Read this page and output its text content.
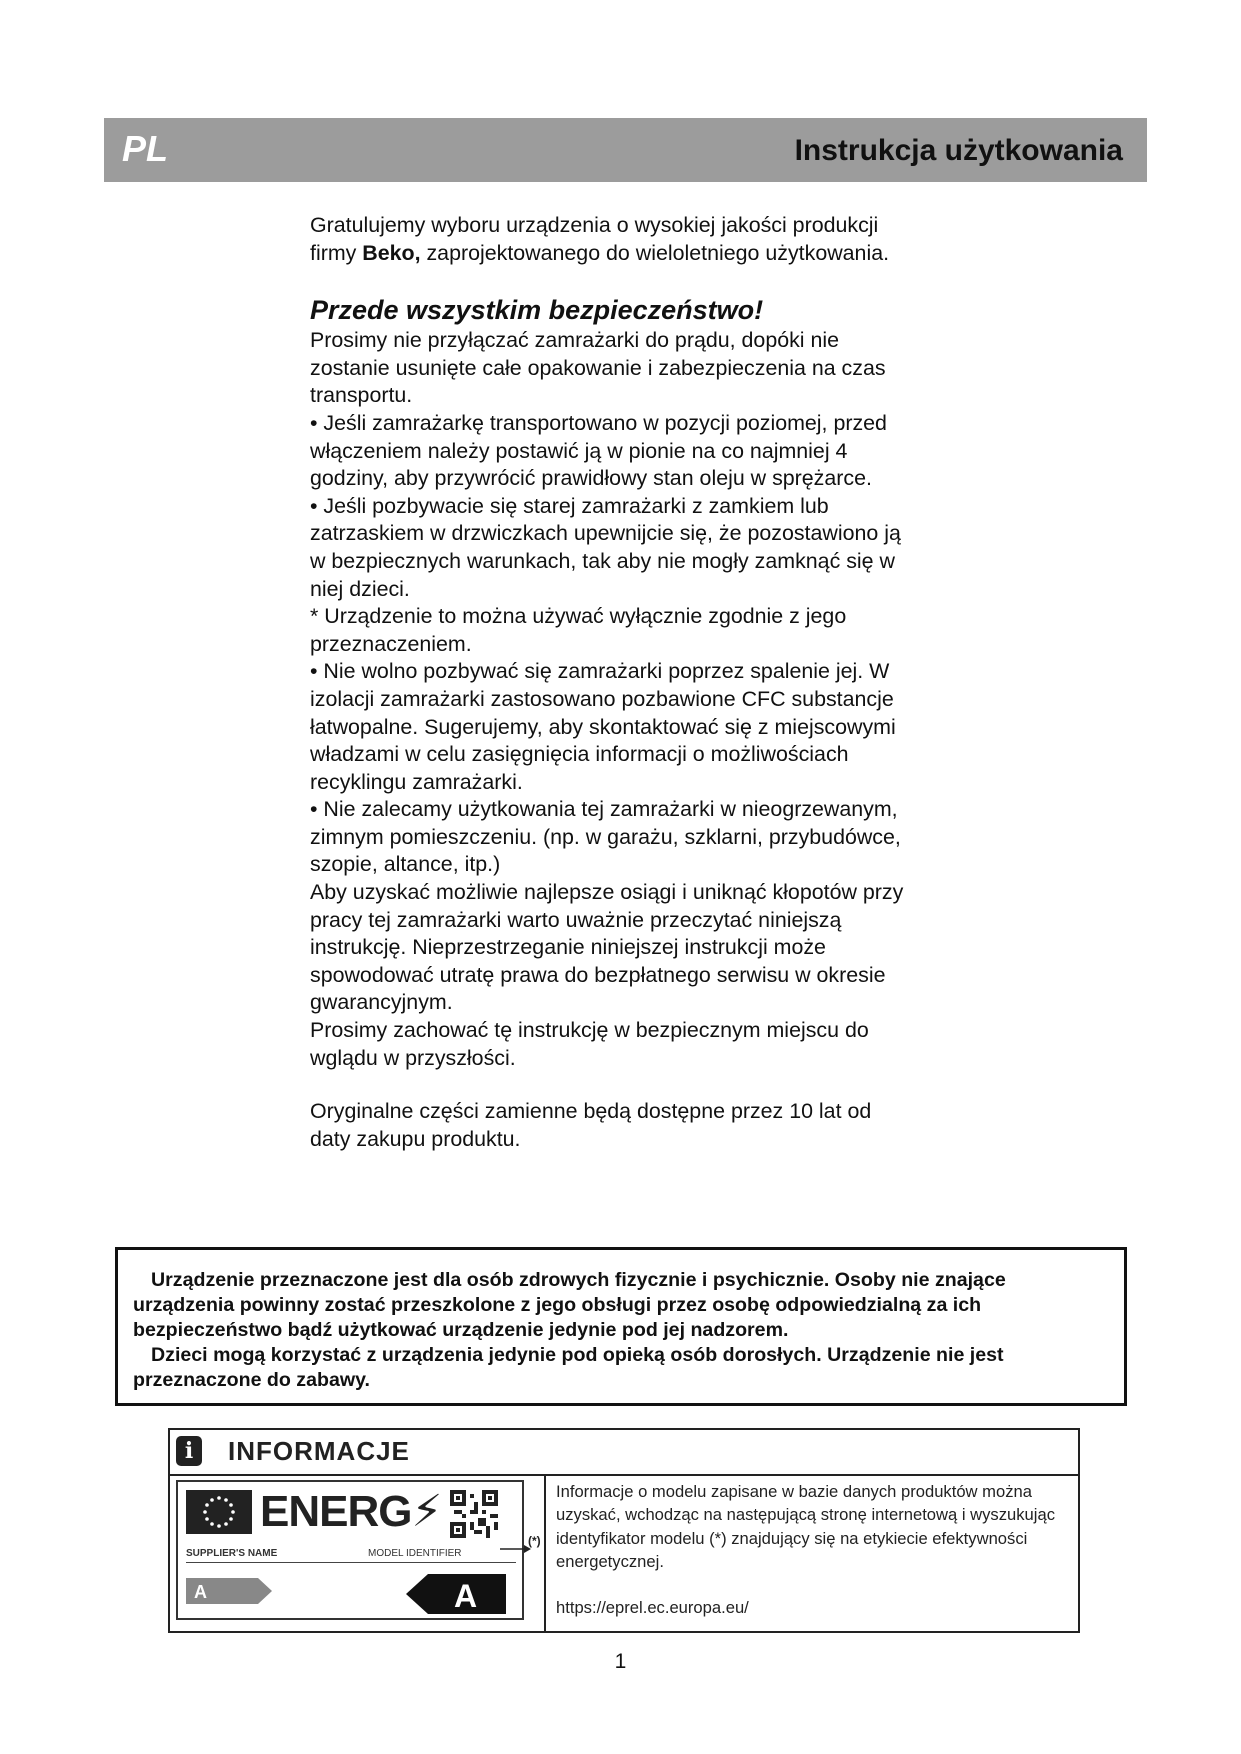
PL	Instrukcja użytkowania

Gratulujemy wyboru urządzenia o wysokiej jakości produkcji firmy Beko, zaprojektowanego do wieloletniego użytkowania.

Przede wszystkim bezpieczeństwo!

Prosimy nie przyłączać zamrażarki do prądu, dopóki nie zostanie usunięte całe opakowanie i zabezpieczenia na czas transportu.

• Jeśli zamrażarkę transportowano w pozycji poziomej, przed włączeniem należy postawić ją w pionie na co najmniej 4 godziny, aby przywrócić prawidłowy stan oleju w sprężarce.

• Jeśli pozbywacie się starej zamrażarki z zamkiem lub zatrzaskiem w drzwiczkach upewnijcie się, że pozostawiono ją w bezpiecznych warunkach, tak aby nie mogły zamknąć się w niej dzieci.

* Urządzenie to można używać wyłącznie zgodnie z jego przeznaczeniem.

• Nie wolno pozbywać się zamrażarki poprzez spalenie jej. W izolacji zamrażarki zastosowano pozbawione CFC substancje łatwopalne. Sugerujemy, aby skontaktować się z miejscowymi władzami w celu zasięgnięcia informacji o możliwościach recyklingu zamrażarki.

• Nie zalecamy użytkowania tej zamrażarki w nieogrzewanym, zimnym pomieszczeniu. (np. w garażu, szklarni, przybudówce, szopie, altance, itp.)

Aby uzyskać możliwie najlepsze osiągi i uniknąć kłopotów przy pracy tej zamrażarki warto uważnie przeczytać niniejszą instrukcję. Nieprzestrzeganie niniejszej instrukcji może spowodować utratę prawa do bezpłatnego serwisu w okresie gwarancyjnym.

Prosimy zachować tę instrukcję w bezpiecznym miejscu do wglądu w przyszłości.

Oryginalne części zamienne będą dostępne przez 10 lat od daty zakupu produktu.

Urządzenie przeznaczone jest dla osób zdrowych fizycznie i psychicznie. Osoby nie znające urządzenia powinny zostać przeszkolone z jego obsługi przez osobę odpowiedzialną za ich bezpieczeństwo bądź użytkować urządzenie jedynie pod jej nadzorem.

Dzieci mogą korzystać z urządzenia jedynie pod opieką osób dorosłych. Urządzenie nie jest przeznaczone do zabawy.

i	INFORMACJE
ENERG⚡
SUPPLIER'S NAME	MODEL IDENTIFIER
A	A
(*)

Informacje o modelu zapisane w bazie danych produktów można uzyskać, wchodząc na następującą stronę internetową i wyszukując identyfikator modelu (*) znajdujący się na etykiecie efektywności energetycznej.

https://eprel.ec.europa.eu/

1
